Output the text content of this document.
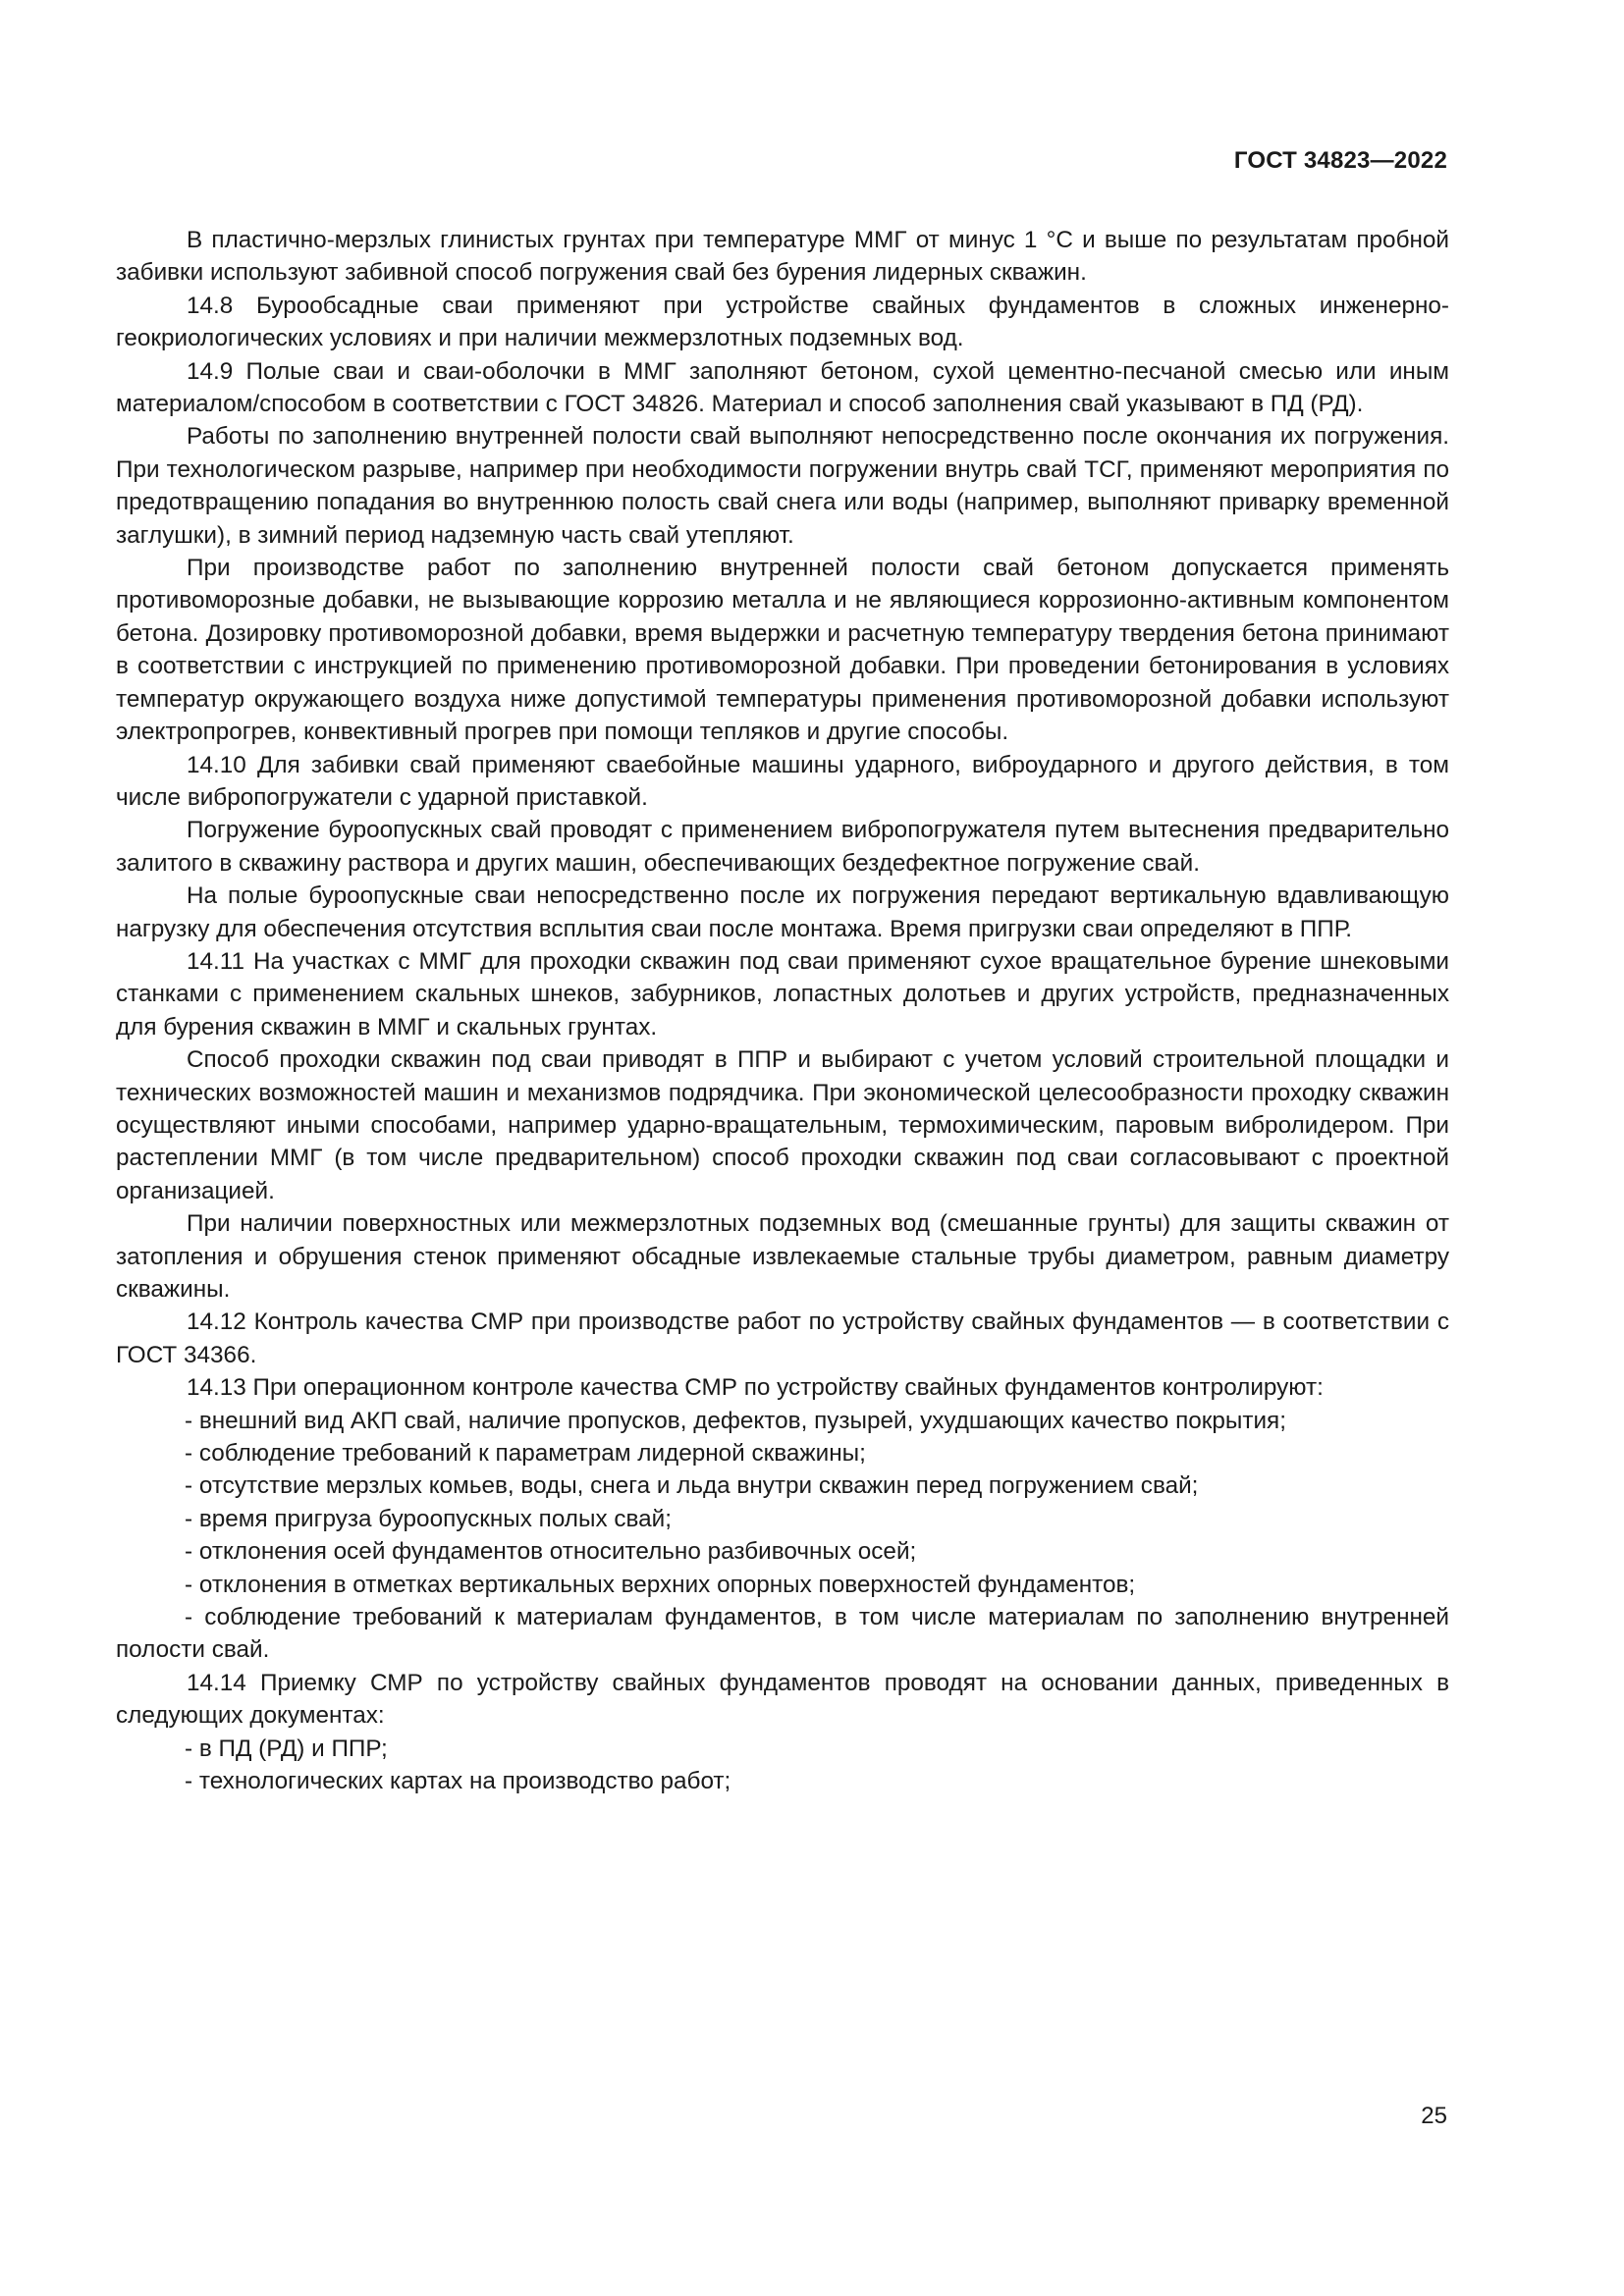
ГОСТ 34823—2022

В пластично-мерзлых глинистых грунтах при температуре ММГ от минус 1 °С и выше по результатам пробной забивки используют забивной способ погружения свай без бурения лидерных скважин.

14.8 Бурообсадные сваи применяют при устройстве свайных фундаментов в сложных инженерно-геокриологических условиях и при наличии межмерзлотных подземных вод.

14.9 Полые сваи и сваи-оболочки в ММГ заполняют бетоном, сухой цементно-песчаной смесью или иным материалом/способом в соответствии с ГОСТ 34826. Материал и способ заполнения свай указывают в ПД (РД).

Работы по заполнению внутренней полости свай выполняют непосредственно после окончания их погружения. При технологическом разрыве, например при необходимости погружении внутрь свай ТСГ, применяют мероприятия по предотвращению попадания во внутреннюю полость свай снега или воды (например, выполняют приварку временной заглушки), в зимний период надземную часть свай утепляют.

При производстве работ по заполнению внутренней полости свай бетоном допускается применять противоморозные добавки, не вызывающие коррозию металла и не являющиеся коррозионно-активным компонентом бетона. Дозировку противоморозной добавки, время выдержки и расчетную температуру твердения бетона принимают в соответствии с инструкцией по применению противоморозной добавки. При проведении бетонирования в условиях температур окружающего воздуха ниже допустимой температуры применения противоморозной добавки используют электропрогрев, конвективный прогрев при помощи тепляков и другие способы.

14.10 Для забивки свай применяют сваебойные машины ударного, виброударного и другого действия, в том числе вибропогружатели с ударной приставкой.

Погружение буроопускных свай проводят с применением вибропогружателя путем вытеснения предварительно залитого в скважину раствора и других машин, обеспечивающих бездефектное погружение свай.

На полые буроопускные сваи непосредственно после их погружения передают вертикальную вдавливающую нагрузку для обеспечения отсутствия всплытия сваи после монтажа. Время пригрузки сваи определяют в ППР.

14.11 На участках с ММГ для проходки скважин под сваи применяют сухое вращательное бурение шнековыми станками с применением скальных шнеков, забурников, лопастных долотьев и других устройств, предназначенных для бурения скважин в ММГ и скальных грунтах.

Способ проходки скважин под сваи приводят в ППР и выбирают с учетом условий строительной площадки и технических возможностей машин и механизмов подрядчика. При экономической целесообразности проходку скважин осуществляют иными способами, например ударно-вращательным, термохимическим, паровым вибролидером. При растеплении ММГ (в том числе предварительном) способ проходки скважин под сваи согласовывают с проектной организацией.

При наличии поверхностных или межмерзлотных подземных вод (смешанные грунты) для защиты скважин от затопления и обрушения стенок применяют обсадные извлекаемые стальные трубы диаметром, равным диаметру скважины.

14.12 Контроль качества СМР при производстве работ по устройству свайных фундаментов — в соответствии с ГОСТ 34366.

14.13 При операционном контроле качества СМР по устройству свайных фундаментов контролируют:

- внешний вид АКП свай, наличие пропусков, дефектов, пузырей, ухудшающих качество покрытия;

- соблюдение требований к параметрам лидерной скважины;

- отсутствие мерзлых комьев, воды, снега и льда внутри скважин перед погружением свай;

- время пригруза буроопускных полых свай;

- отклонения осей фундаментов относительно разбивочных осей;

- отклонения в отметках вертикальных верхних опорных поверхностей фундаментов;

- соблюдение требований к материалам фундаментов, в том числе материалам по заполнению внутренней полости свай.

14.14 Приемку СМР по устройству свайных фундаментов проводят на основании данных, приведенных в следующих документах:

- в ПД (РД) и ППР;

- технологических картах на производство работ;

25
